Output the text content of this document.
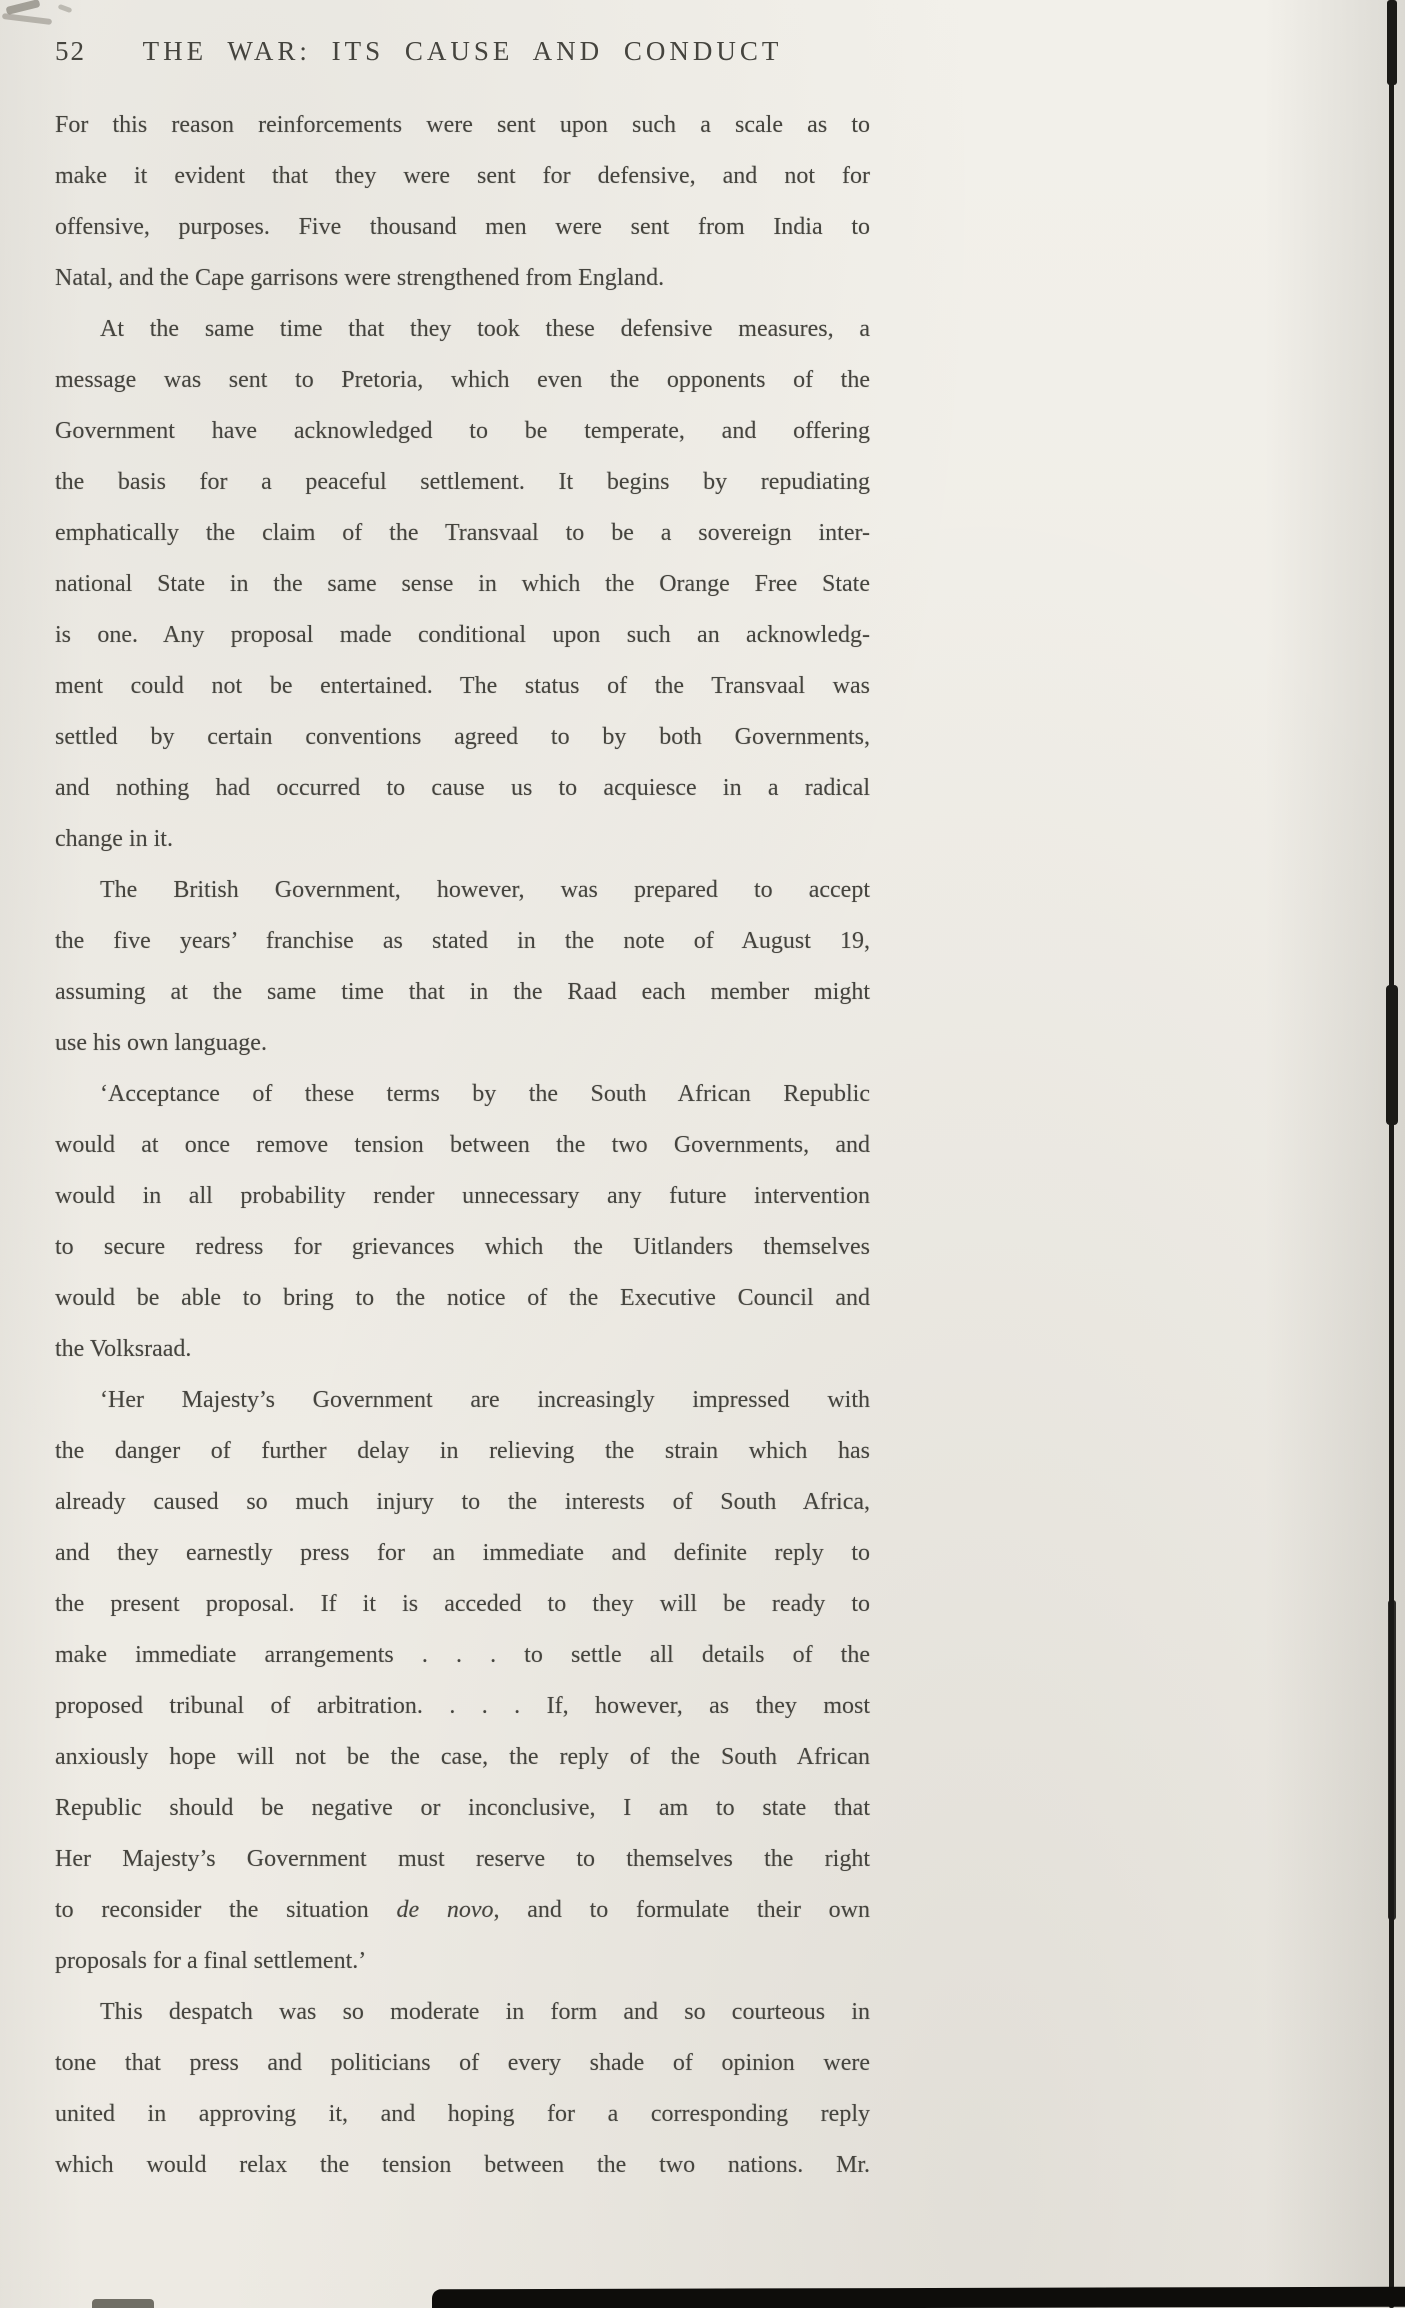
52	THE WAR: ITS CAUSE AND CONDUCT
For this reason reinforcements were sent upon such a scale as to
make it evident that they were sent for defensive, and not for
offensive, purposes. Five thousand men were sent from India to
Natal, and the Cape garrisons were strengthened from England.
At the same time that they took these defensive measures, a
message was sent to Pretoria, which even the opponents of the
Government have acknowledged to be temperate, and offering
the basis for a peaceful settlement. It begins by repudiating
emphatically the claim of the Transvaal to be a sovereign inter-
national State in the same sense in which the Orange Free State
is one. Any proposal made conditional upon such an acknowledg-
ment could not be entertained. The status of the Transvaal was
settled by certain conventions agreed to by both Governments,
and nothing had occurred to cause us to acquiesce in a radical
change in it.
The British Government, however, was prepared to accept
the five years’ franchise as stated in the note of August 19,
assuming at the same time that in the Raad each member might
use his own language.
‘Acceptance of these terms by the South African Republic
would at once remove tension between the two Governments, and
would in all probability render unnecessary any future intervention
to secure redress for grievances which the Uitlanders themselves
would be able to bring to the notice of the Executive Council and
the Volksraad.
‘Her Majesty’s Government are increasingly impressed with
the danger of further delay in relieving the strain which has
already caused so much injury to the interests of South Africa,
and they earnestly press for an immediate and definite reply to
the present proposal. If it is acceded to they will be ready to
make immediate arrangements . . . to settle all details of the
proposed tribunal of arbitration. . . . If, however, as they most
anxiously hope will not be the case, the reply of the South African
Republic should be negative or inconclusive, I am to state that
Her Majesty’s Government must reserve to themselves the right
to reconsider the situation de novo, and to formulate their own
proposals for a final settlement.’
This despatch was so moderate in form and so courteous in
tone that press and politicians of every shade of opinion were
united in approving it, and hoping for a corresponding reply
which would relax the tension between the two nations. Mr.
